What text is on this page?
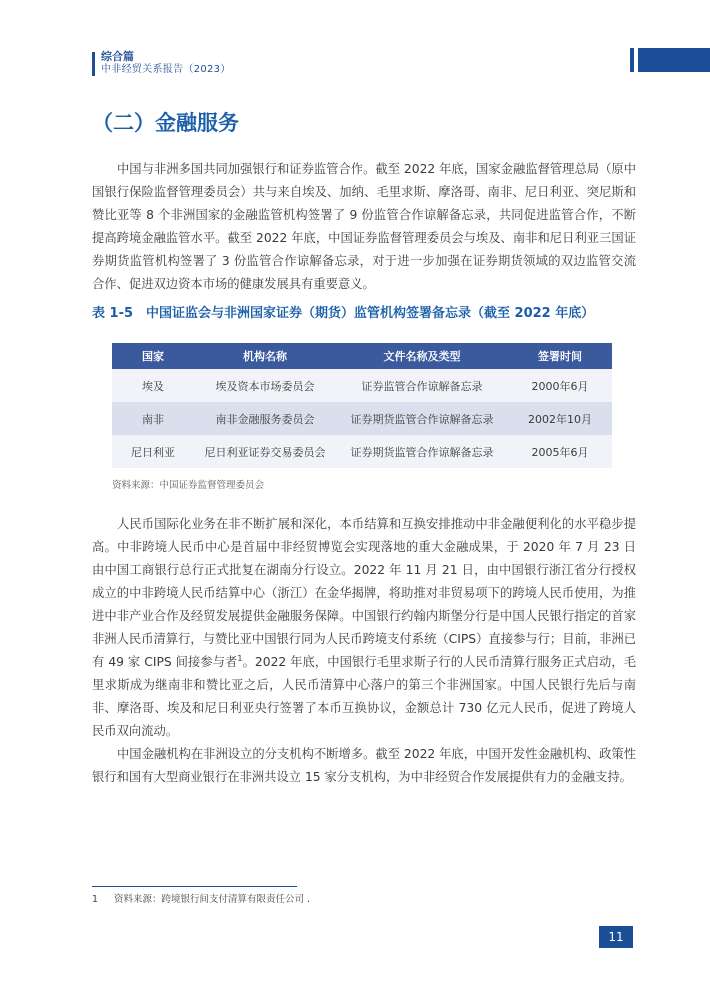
综合篇
中非经贸关系报告（2023）
（二）金融服务

中国与非洲多国共同加强银行和证券监管合作。截至 2022 年底，国家金融监督管理总局（原中国银行保险监督管理委员会）共与来自埃及、加纳、毛里求斯、摩洛哥、南非、尼日利亚、突尼斯和赞比亚等 8 个非洲国家的金融监管机构签署了 9 份监管合作谅解备忘录，共同促进监管合作，不断提高跨境金融监管水平。截至 2022 年底，中国证券监督管理委员会与埃及、南非和尼日利亚三国证券期货监管机构签署了 3 份监管合作谅解备忘录，对于进一步加强在证券期货领域的双边监管交流合作、促进双边资本市场的健康发展具有重要意义。

表 1-5　中国证监会与非洲国家证券（期货）监管机构签署备忘录（截至 2022 年底）
国家	机构名称	文件名称及类型	签署时间
埃及	埃及资本市场委员会	证券监管合作谅解备忘录	2000年6月
南非	南非金融服务委员会	证券期货监管合作谅解备忘录	2002年10月
尼日利亚	尼日利亚证券交易委员会	证券期货监管合作谅解备忘录	2005年6月
资料来源：中国证券监督管理委员会

人民币国际化业务在非不断扩展和深化，本币结算和互换安排推动中非金融便利化的水平稳步提高。中非跨境人民币中心是首届中非经贸博览会实现落地的重大金融成果，于 2020 年 7 月 23 日由中国工商银行总行正式批复在湖南分行设立。2022 年 11 月 21 日，由中国银行浙江省分行授权成立的中非跨境人民币结算中心（浙江）在金华揭牌，将助推对非贸易项下的跨境人民币使用，为推进中非产业合作及经贸发展提供金融服务保障。中国银行约翰内斯堡分行是中国人民银行指定的首家非洲人民币清算行，与赞比亚中国银行同为人民币跨境支付系统（CIPS）直接参与行；目前，非洲已有 49 家 CIPS 间接参与者$^1$。2022 年底，中国银行毛里求斯子行的人民币清算行服务正式启动，毛里求斯成为继南非和赞比亚之后，人民币清算中心落户的第三个非洲国家。中国人民银行先后与南非、摩洛哥、埃及和尼日利亚央行签署了本币互换协议，金额总计 730 亿元人民币，促进了跨境人民币双向流动。

中国金融机构在非洲设立的分支机构不断增多。截至 2022 年底，中国开发性金融机构、政策性银行和国有大型商业银行在非洲共设立 15 家分支机构，为中非经贸合作发展提供有力的金融支持。

1 资料来源：跨境银行间支付清算有限责任公司 .
11
